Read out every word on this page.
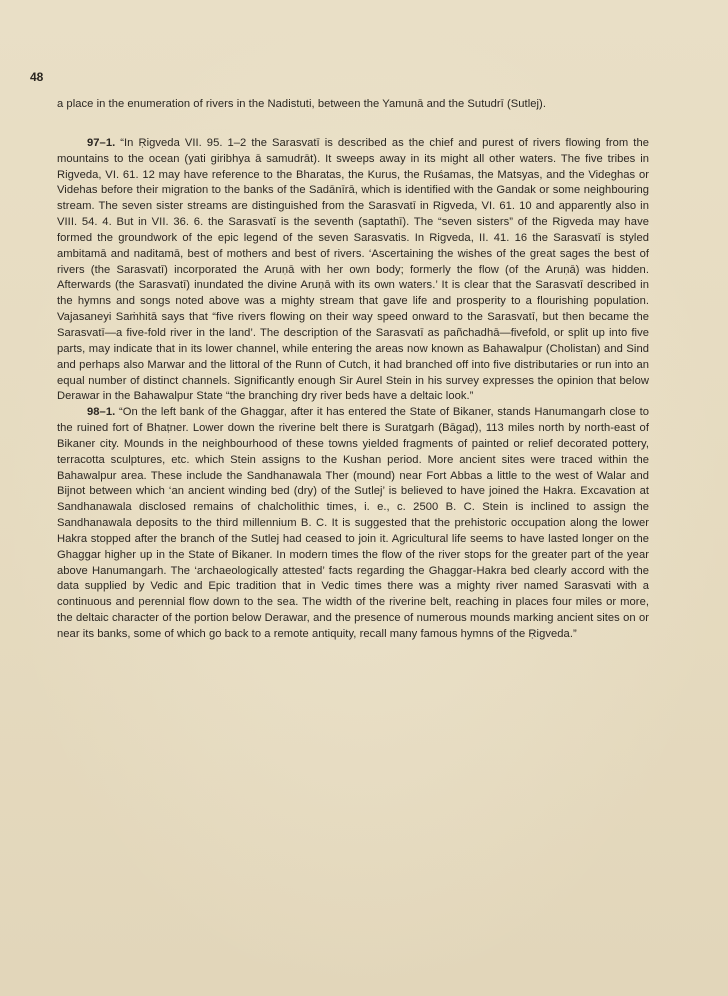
48

a place in the enumeration of rivers in the Nadistuti, between the Yamunā and the Sutudrī (Sutlej).

97–1. “In Ṛigveda VII. 95. 1–2 the Sarasvatī is described as the chief and purest of rivers flowing from the mountains to the ocean (yati giribhya ā samudrāt). It sweeps away in its might all other waters. The five tribes in Rigveda, VI. 61. 12 may have reference to the Bharatas, the Kurus, the Ruśamas, the Matsyas, and the Videghas or Videhas before their migration to the banks of the Sadānīrā, which is identified with the Gandak or some neighbouring stream. The seven sister streams are distinguished from the Sarasvatī in Rigveda, VI. 61. 10 and apparently also in VIII. 54. 4. But in VII. 36. 6. the Sarasvatī is the seventh (saptathī). The “seven sisters” of the Rigveda may have formed the groundwork of the epic legend of the seven Sarasvatis. In Rigveda, II. 41. 16 the Sarasvatī is styled ambitamā and naditamā, best of mothers and best of rivers. ‘Ascertaining the wishes of the great sages the best of rivers (the Sarasvatī) incorporated the Aruṇā with her own body; formerly the flow (of the Aruṇā) was hidden. Afterwards (the Sarasvatī) inundated the divine Aruṇā with its own waters.’ It is clear that the Sarasvatī described in the hymns and songs noted above was a mighty stream that gave life and prosperity to a flourishing population. Vajasaneyi Saṁhitā says that “five rivers flowing on their way speed onward to the Sarasvatī, but then became the Sarasvatī—a five-fold river in the land’. The description of the Sarasvatī as pañchadhā—fivefold, or split up into five parts, may indicate that in its lower channel, while entering the areas now known as Bahawalpur (Cholistan) and Sind and perhaps also Marwar and the littoral of the Runn of Cutch, it had branched off into five distributaries or run into an equal number of distinct channels. Significantly enough Sir Aurel Stein in his survey expresses the opinion that below Derawar in the Bahawalpur State “the branching dry river beds have a deltaic look.”

98–1. “On the left bank of the Ghaggar, after it has entered the State of Bikaner, stands Hanumangarh close to the ruined fort of Bhaṭner. Lower down the riverine belt there is Suratgarh (Bāgaḍ), 113 miles north by north-east of Bikaner city. Mounds in the neighbourhood of these towns yielded fragments of painted or relief decorated pottery, terracotta sculptures, etc. which Stein assigns to the Kushan period. More ancient sites were traced within the Bahawalpur area. These include the Sandhanawala Ther (mound) near Fort Abbas a little to the west of Walar and Bijnot between which ‘an ancient winding bed (dry) of the Sutlej’ is believed to have joined the Hakra. Excavation at Sandhanawala disclosed remains of chalcholithic times, i. e., c. 2500 B. C. Stein is inclined to assign the Sandhanawala deposits to the third millennium B. C. It is suggested that the prehistoric occupation along the lower Hakra stopped after the branch of the Sutlej had ceased to join it. Agricultural life seems to have lasted longer on the Ghaggar higher up in the State of Bikaner. In modern times the flow of the river stops for the greater part of the year above Hanumangarh. The ‘archaeologically attested’ facts regarding the Ghaggar-Hakra bed clearly accord with the data supplied by Vedic and Epic tradition that in Vedic times there was a mighty river named Sarasvati with a continuous and perennial flow down to the sea. The width of the riverine belt, reaching in places four miles or more, the deltaic character of the portion below Derawar, and the presence of numerous mounds marking ancient sites on or near its banks, some of which go back to a remote antiquity, recall many famous hymns of the Ṛigveda.”
